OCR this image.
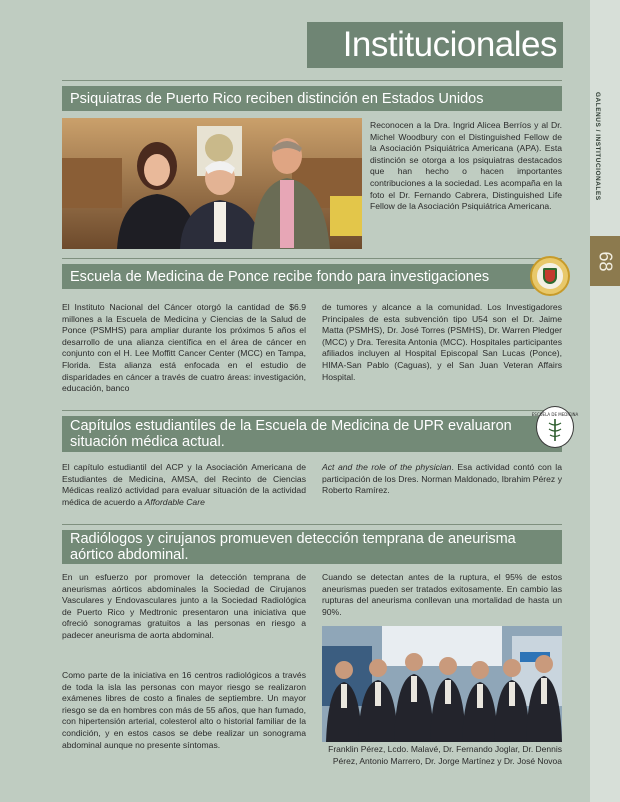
GALENUS / INSTITUCIONALES
68
Institucionales
Psiquiatras de Puerto Rico reciben distinción en Estados Unidos
Reconocen a la Dra. Ingrid Alicea Berríos y al Dr. Michel Woodbury con el Distinguished Fellow de la Asociación Psiquiátrica Americana (APA). Esta distinción se otorga a los psiquiatras destacados que han hecho o hacen importantes contribuciones a la sociedad. Les acompaña en la foto el Dr. Fernando Cabrera, Distinguished Life Fellow de la Asociación Psiquiátrica Americana.
Escuela de Medicina de Ponce recibe fondo para investigaciones
El Instituto Nacional del Cáncer otorgó la cantidad de $6.9 millones a la Escuela de Medicina y Ciencias de la Salud de Ponce (PSMHS) para ampliar durante los próximos 5 años el desarrollo de una alianza científica en el área de cáncer en conjunto con el H. Lee Moffitt Cancer Center (MCC) en Tampa, Florida. Esta alianza está enfocada en el estudio de disparidades en cáncer a través de cuatro áreas: investigación, educación, banco
de tumores y alcance a la comunidad. Los Investigadores Principales de esta subvención tipo U54 son el Dr. Jaime Matta (PSMHS), Dr. José Torres (PSMHS), Dr. Warren Pledger (MCC) y Dra. Teresita Antonia (MCC). Hospitales participantes afiliados incluyen al Hospital Episcopal San Lucas (Ponce), HIMA-San Pablo (Caguas), y el San Juan Veteran Affairs Hospital.
Capítulos estudiantiles de la Escuela de Medicina de UPR evaluaron situación médica actual.
ESCUELA DE MEDICINA
El capítulo estudiantil del ACP y la Asociación Americana de Estudiantes de Medicina, AMSA, del Recinto de Ciencias Médicas realizó actividad para evaluar situación de la actividad médica de acuerdo a Affordable Care
Act and the role of the physician. Esa actividad contó con la participación de los Dres. Norman Maldonado, Ibrahim Pérez y Roberto Ramírez.
Radiólogos y cirujanos promueven detección temprana de aneurisma aórtico abdominal.
En un esfuerzo por promover la detección temprana de aneurismas aórticos abdominales la Sociedad de Cirujanos Vasculares y Endovasculares junto a la Sociedad Radiológica de Puerto Rico y Medtronic presentaron una iniciativa que ofreció sonogramas gratuitos a las personas en riesgo a padecer aneurisma de aorta abdominal.
Como parte de la iniciativa en 16 centros radiológicos a través de toda la isla las personas con mayor riesgo se realizaron exámenes libres de costo a finales de septiembre. Un mayor riesgo se da en hombres con más de 55 años, que han fumado, con hipertensión arterial, colesterol alto o historial familiar de la condición, y en estos casos se debe realizar un sonograma abdominal aunque no presente síntomas.
Cuando se detectan antes de la ruptura, el 95% de estos aneurismas pueden ser tratados exitosamente. En cambio las rupturas del aneurisma conllevan una mortalidad de hasta un 90%.
Franklin Pérez, Lcdo. Malavé, Dr. Fernando Joglar, Dr. Dennis Pérez, Antonio Marrero, Dr. Jorge Martínez y Dr. José Novoa
